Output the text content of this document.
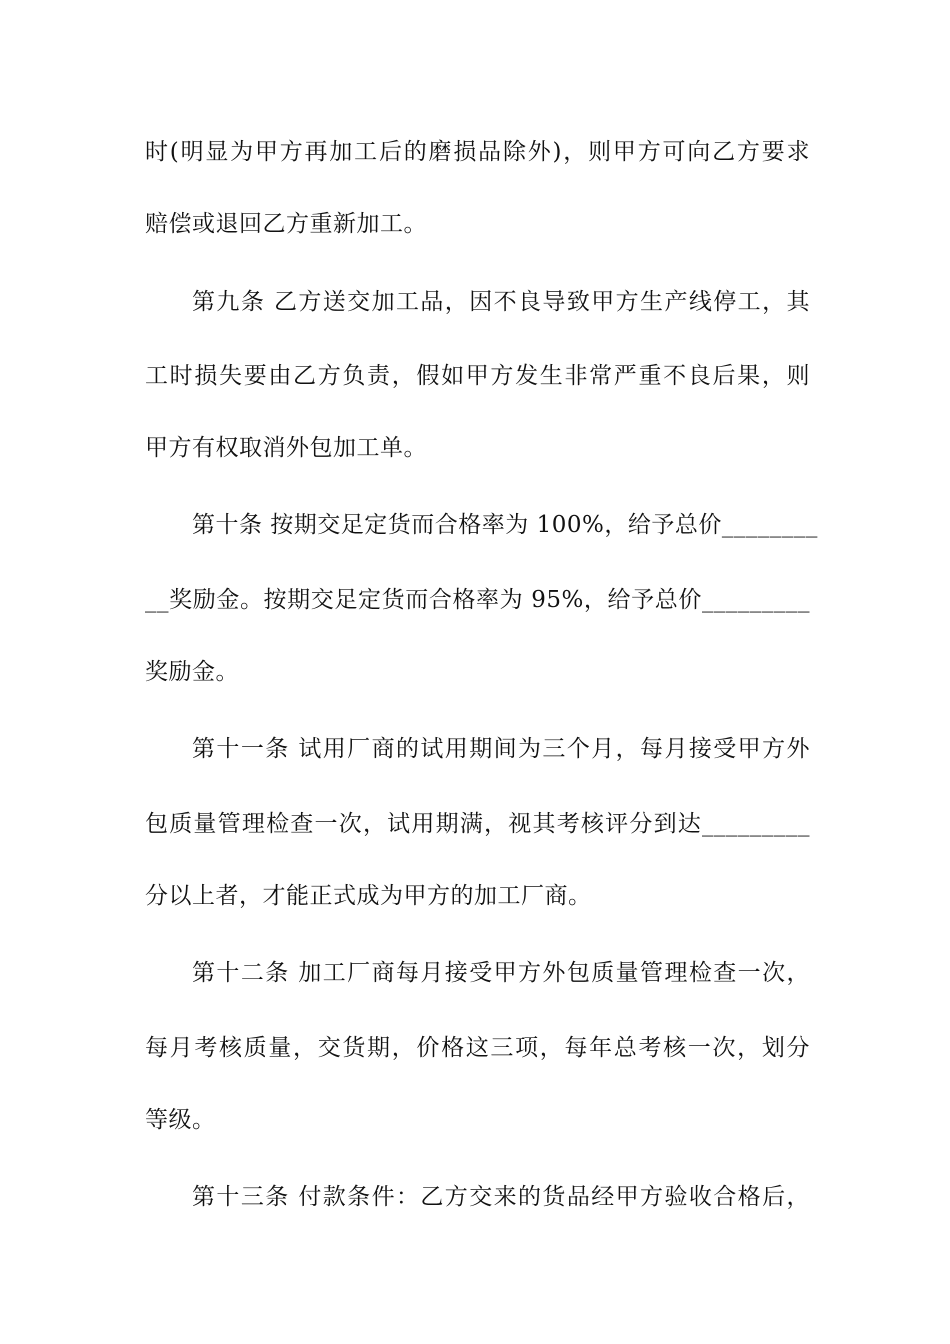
时(明显为甲方再加工后的磨损品除外)，则甲方可向乙方要求
赔偿或退回乙方重新加工。
第九条 乙方送交加工品，因不良导致甲方生产线停工，其
工时损失要由乙方负责，假如甲方发生非常严重不良后果，则
甲方有权取消外包加工单。
第十条 按期交足定货而合格率为 100%，给予总价________
__奖励金。按期交足定货而合格率为 95%，给予总价_________
奖励金。
第十一条 试用厂商的试用期间为三个月，每月接受甲方外
包质量管理检查一次，试用期满，视其考核评分到达_________
分以上者，才能正式成为甲方的加工厂商。
第十二条 加工厂商每月接受甲方外包质量管理检查一次，
每月考核质量，交货期，价格这三项，每年总考核一次，划分
等级。
第十三条 付款条件：乙方交来的货品经甲方验收合格后，
